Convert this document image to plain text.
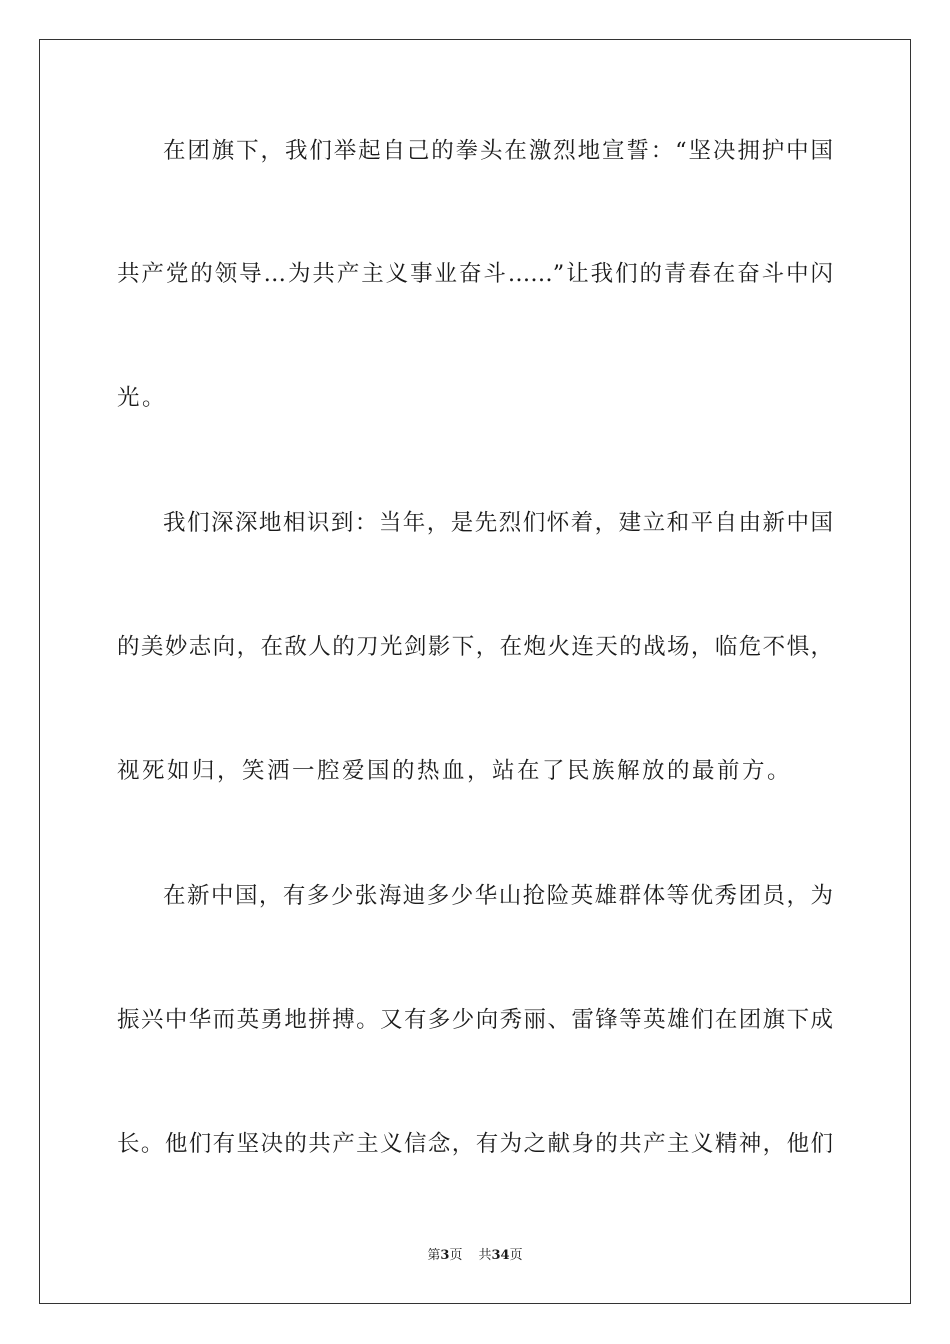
在团旗下，我们举起自己的拳头在激烈地宣誓：“坚决拥护中国
共产党的领导…为共产主义事业奋斗……”让我们的青春在奋斗中闪
光。
我们深深地相识到：当年，是先烈们怀着，建立和平自由新中国
的美妙志向，在敌人的刀光剑影下，在炮火连天的战场，临危不惧，
视死如归，笑洒一腔爱国的热血，站在了民族解放的最前方。
在新中国，有多少张海迪多少华山抢险英雄群体等优秀团员，为
振兴中华而英勇地拼搏。又有多少向秀丽、雷锋等英雄们在团旗下成
长。他们有坚决的共产主义信念，有为之献身的共产主义精神，他们
第3页 共34页
